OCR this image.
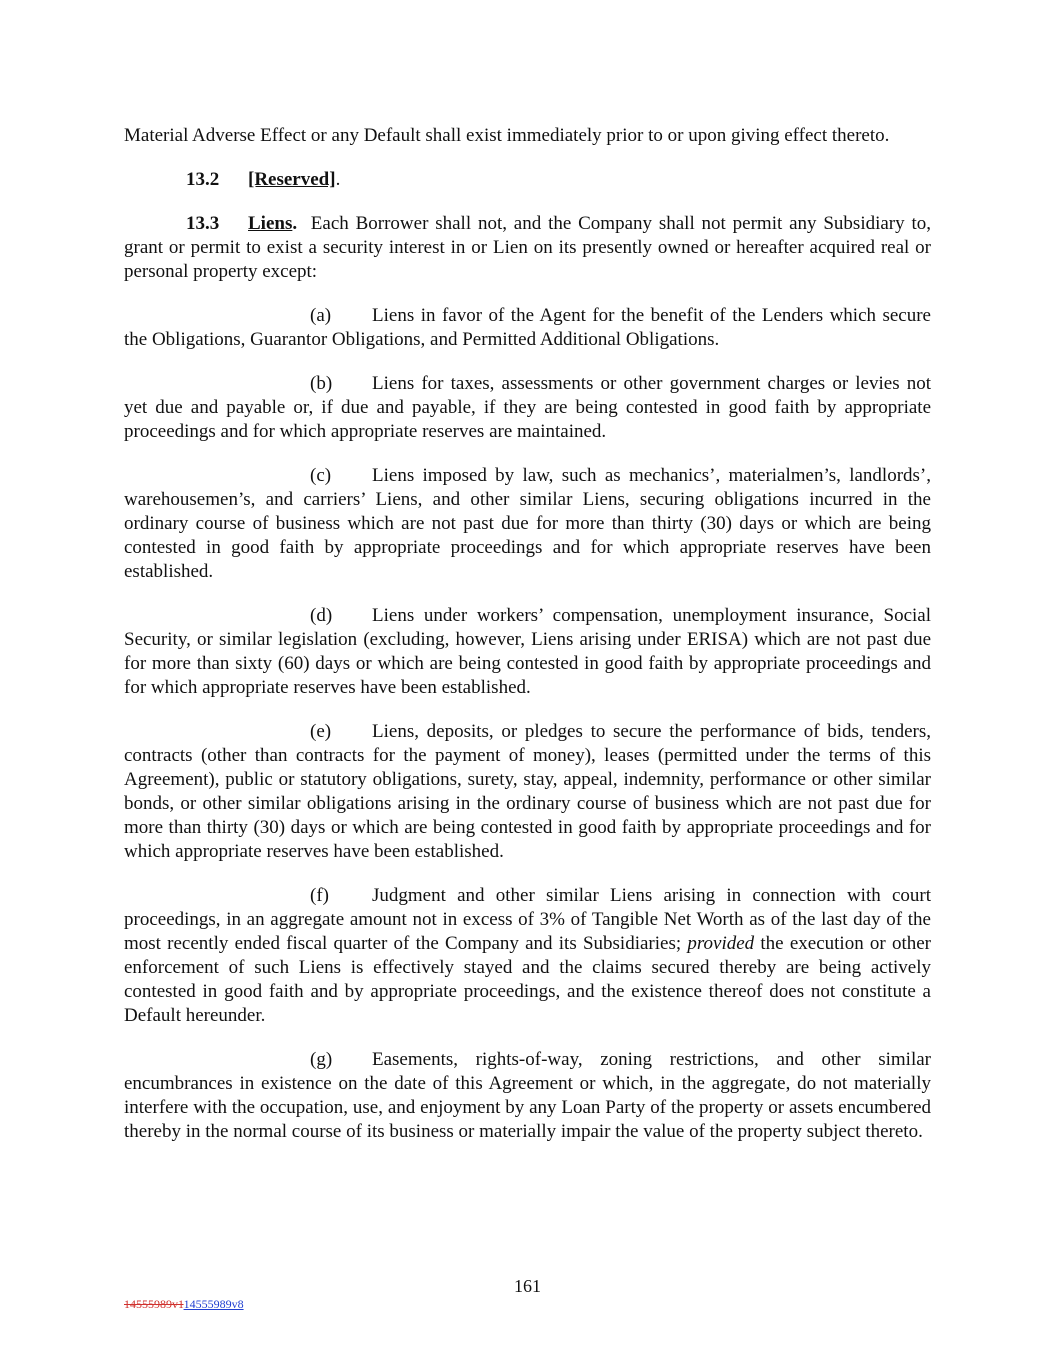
Material Adverse Effect or any Default shall exist immediately prior to or upon giving effect thereto.

13.2 [Reserved].

13.3 Liens. Each Borrower shall not, and the Company shall not permit any Subsidiary to, grant or permit to exist a security interest in or Lien on its presently owned or hereafter acquired real or personal property except:

(a) Liens in favor of the Agent for the benefit of the Lenders which secure the Obligations, Guarantor Obligations, and Permitted Additional Obligations.

(b) Liens for taxes, assessments or other government charges or levies not yet due and payable or, if due and payable, if they are being contested in good faith by appropriate proceedings and for which appropriate reserves are maintained.

(c) Liens imposed by law, such as mechanics’, materialmen’s, landlords’, warehousemen’s, and carriers’ Liens, and other similar Liens, securing obligations incurred in the ordinary course of business which are not past due for more than thirty (30) days or which are being contested in good faith by appropriate proceedings and for which appropriate reserves have been established.

(d) Liens under workers’ compensation, unemployment insurance, Social Security, or similar legislation (excluding, however, Liens arising under ERISA) which are not past due for more than sixty (60) days or which are being contested in good faith by appropriate proceedings and for which appropriate reserves have been established.

(e) Liens, deposits, or pledges to secure the performance of bids, tenders, contracts (other than contracts for the payment of money), leases (permitted under the terms of this Agreement), public or statutory obligations, surety, stay, appeal, indemnity, performance or other similar bonds, or other similar obligations arising in the ordinary course of business which are not past due for more than thirty (30) days or which are being contested in good faith by appropriate proceedings and for which appropriate reserves have been established.

(f) Judgment and other similar Liens arising in connection with court proceedings, in an aggregate amount not in excess of 3% of Tangible Net Worth as of the last day of the most recently ended fiscal quarter of the Company and its Subsidiaries; provided the execution or other enforcement of such Liens is effectively stayed and the claims secured thereby are being actively contested in good faith and by appropriate proceedings, and the existence thereof does not constitute a Default hereunder.

(g) Easements, rights-of-way, zoning restrictions, and other similar encumbrances in existence on the date of this Agreement or which, in the aggregate, do not materially interfere with the occupation, use, and enjoyment by any Loan Party of the property or assets encumbered thereby in the normal course of its business or materially impair the value of the property subject thereto.

161
14555989v114555989v8
